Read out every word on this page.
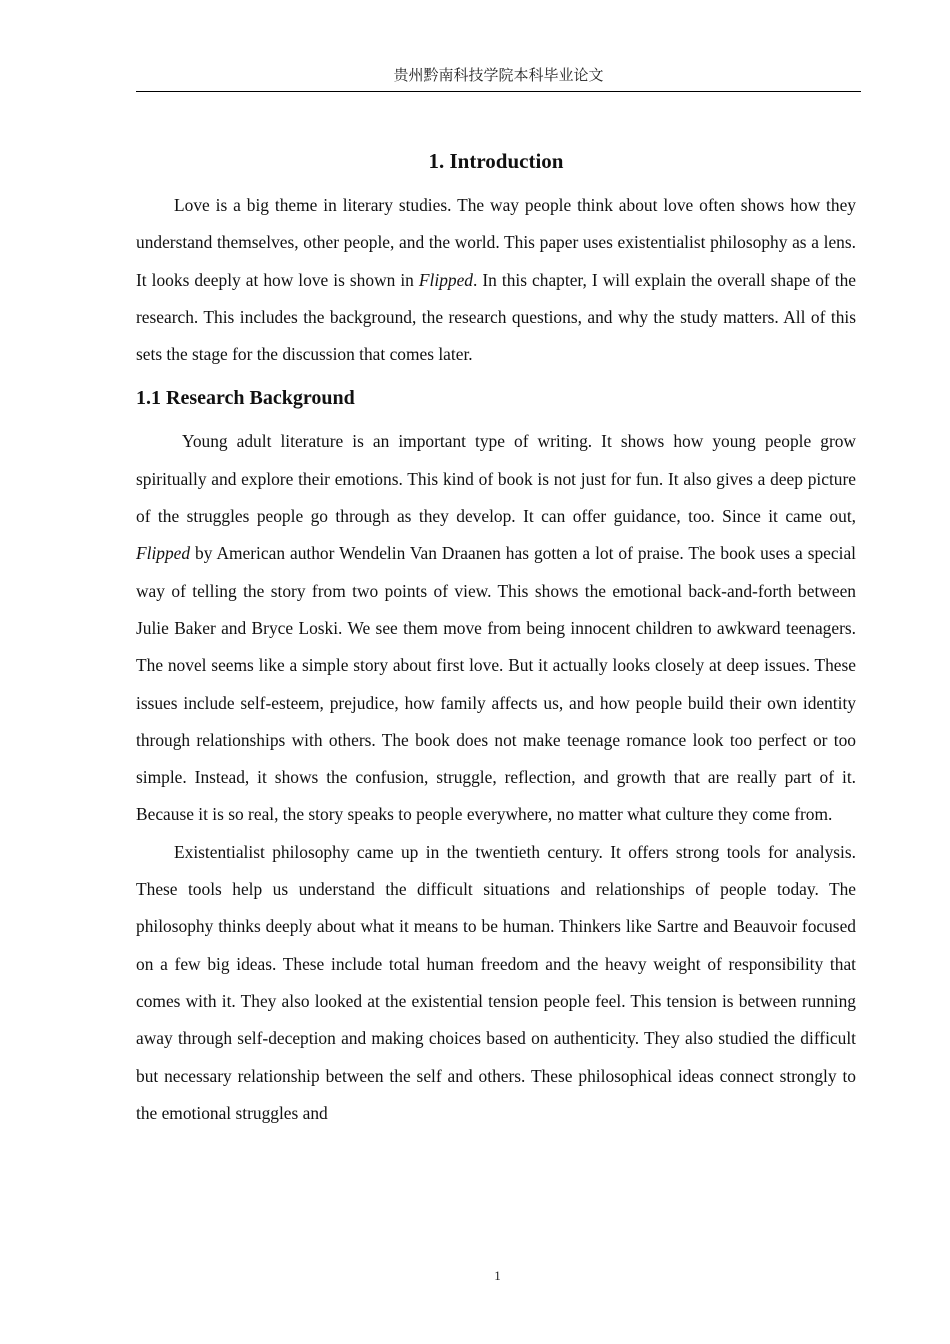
贵州黔南科技学院本科毕业论文
1. Introduction

Love is a big theme in literary studies. The way people think about love often shows how they understand themselves, other people, and the world. This paper uses existentialist philosophy as a lens. It looks deeply at how love is shown in Flipped. In this chapter, I will explain the overall shape of the research. This includes the background, the research questions, and why the study matters. All of this sets the stage for the discussion that comes later.

1.1 Research Background

Young adult literature is an important type of writing. It shows how young people grow spiritually and explore their emotions. This kind of book is not just for fun. It also gives a deep picture of the struggles people go through as they develop. It can offer guidance, too. Since it came out, Flipped by American author Wendelin Van Draanen has gotten a lot of praise. The book uses a special way of telling the story from two points of view. This shows the emotional back-and-forth between Julie Baker and Bryce Loski. We see them move from being innocent children to awkward teenagers. The novel seems like a simple story about first love. But it actually looks closely at deep issues. These issues include self-esteem, prejudice, how family affects us, and how people build their own identity through relationships with others. The book does not make teenage romance look too perfect or too simple. Instead, it shows the confusion, struggle, reflection, and growth that are really part of it. Because it is so real, the story speaks to people everywhere, no matter what culture they come from.

Existentialist philosophy came up in the twentieth century. It offers strong tools for analysis. These tools help us understand the difficult situations and relationships of people today. The philosophy thinks deeply about what it means to be human. Thinkers like Sartre and Beauvoir focused on a few big ideas. These include total human freedom and the heavy weight of responsibility that comes with it. They also looked at the existential tension people feel. This tension is between running away through self-deception and making choices based on authenticity. They also studied the difficult but necessary relationship between the self and others. These philosophical ideas connect strongly to the emotional struggles and

1
